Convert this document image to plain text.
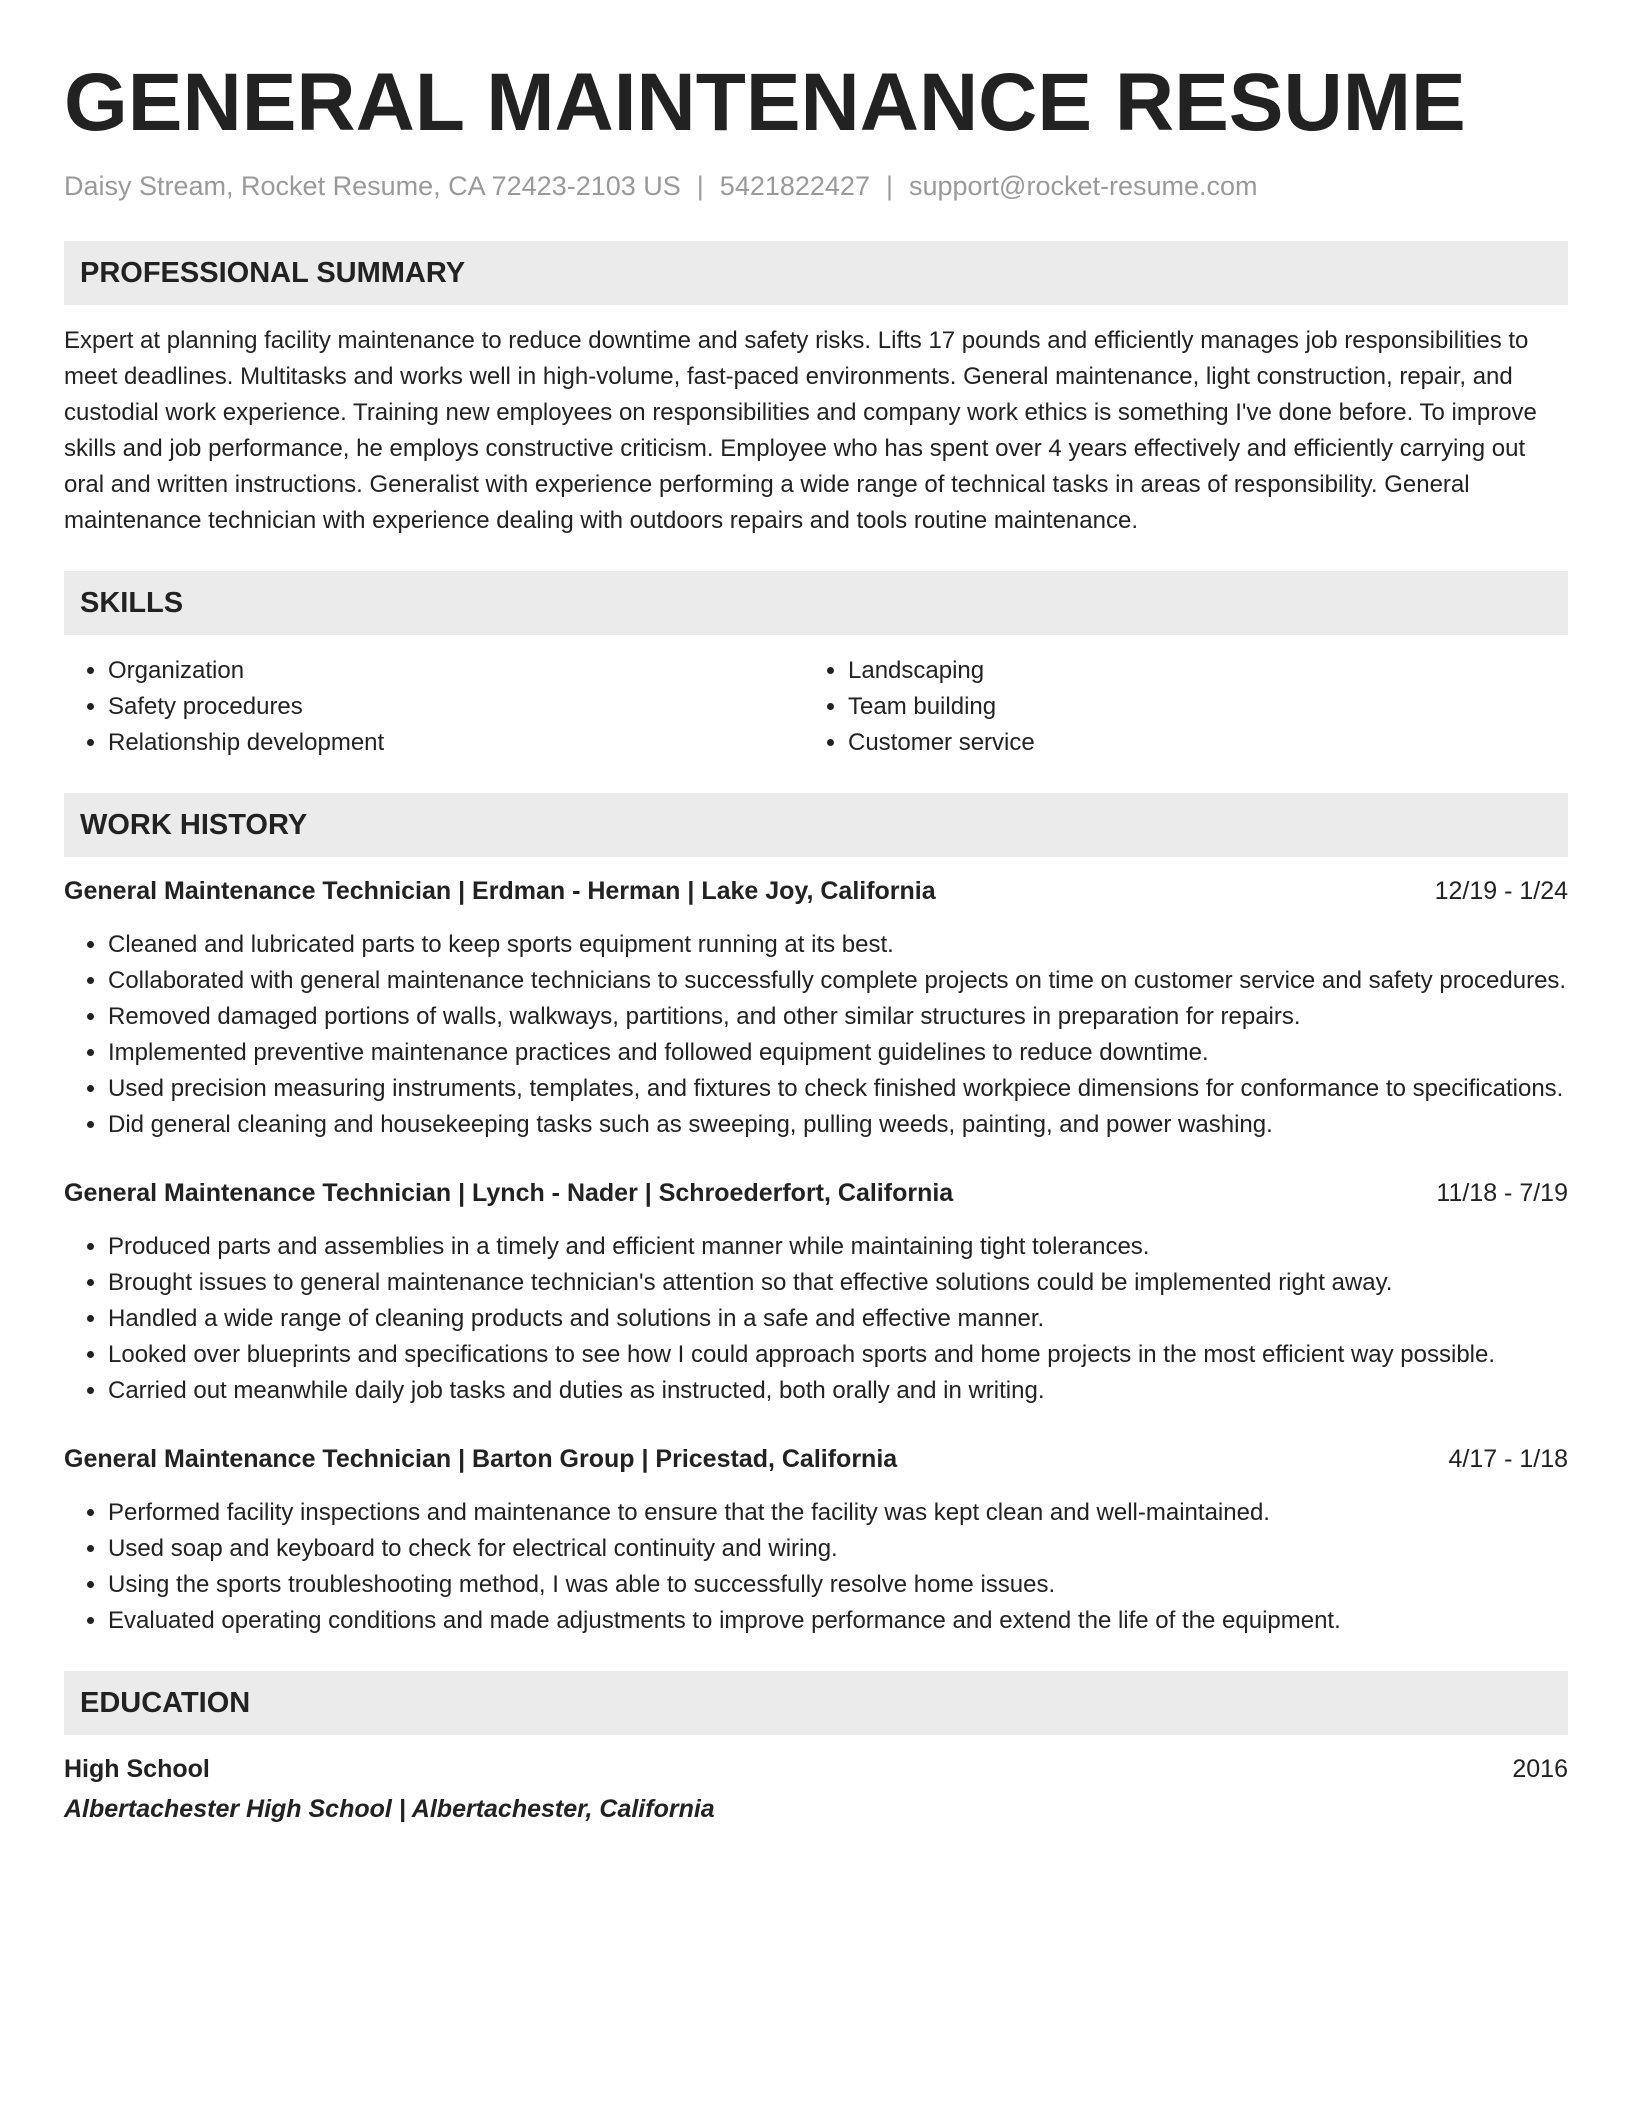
GENERAL MAINTENANCE RESUME
Daisy Stream, Rocket Resume, CA 72423-2103 US | 5421822427 | support@rocket-resume.com
PROFESSIONAL SUMMARY

Expert at planning facility maintenance to reduce downtime and safety risks. Lifts 17 pounds and efficiently manages job responsibilities to meet deadlines. Multitasks and works well in high-volume, fast-paced environments. General maintenance, light construction, repair, and custodial work experience. Training new employees on responsibilities and company work ethics is something I've done before. To improve skills and job performance, he employs constructive criticism. Employee who has spent over 4 years effectively and efficiently carrying out oral and written instructions. Generalist with experience performing a wide range of technical tasks in areas of responsibility. General maintenance technician with experience dealing with outdoors repairs and tools routine maintenance.

SKILLS
• Organization
• Safety procedures
• Relationship development
• Landscaping
• Team building
• Customer service
WORK HISTORY
General Maintenance Technician | Erdman - Herman | Lake Joy, California	12/19 - 1/24
• Cleaned and lubricated parts to keep sports equipment running at its best.
• Collaborated with general maintenance technicians to successfully complete projects on time on customer service and safety procedures.
• Removed damaged portions of walls, walkways, partitions, and other similar structures in preparation for repairs.
• Implemented preventive maintenance practices and followed equipment guidelines to reduce downtime.
• Used precision measuring instruments, templates, and fixtures to check finished workpiece dimensions for conformance to specifications.
• Did general cleaning and housekeeping tasks such as sweeping, pulling weeds, painting, and power washing.
General Maintenance Technician | Lynch - Nader | Schroederfort, California	11/18 - 7/19
• Produced parts and assemblies in a timely and efficient manner while maintaining tight tolerances.
• Brought issues to general maintenance technician's attention so that effective solutions could be implemented right away.
• Handled a wide range of cleaning products and solutions in a safe and effective manner.
• Looked over blueprints and specifications to see how I could approach sports and home projects in the most efficient way possible.
• Carried out meanwhile daily job tasks and duties as instructed, both orally and in writing.
General Maintenance Technician | Barton Group | Pricestad, California	4/17 - 1/18
• Performed facility inspections and maintenance to ensure that the facility was kept clean and well-maintained.
• Used soap and keyboard to check for electrical continuity and wiring.
• Using the sports troubleshooting method, I was able to successfully resolve home issues.
• Evaluated operating conditions and made adjustments to improve performance and extend the life of the equipment.
EDUCATION
High School	2016
Albertachester High School | Albertachester, California
